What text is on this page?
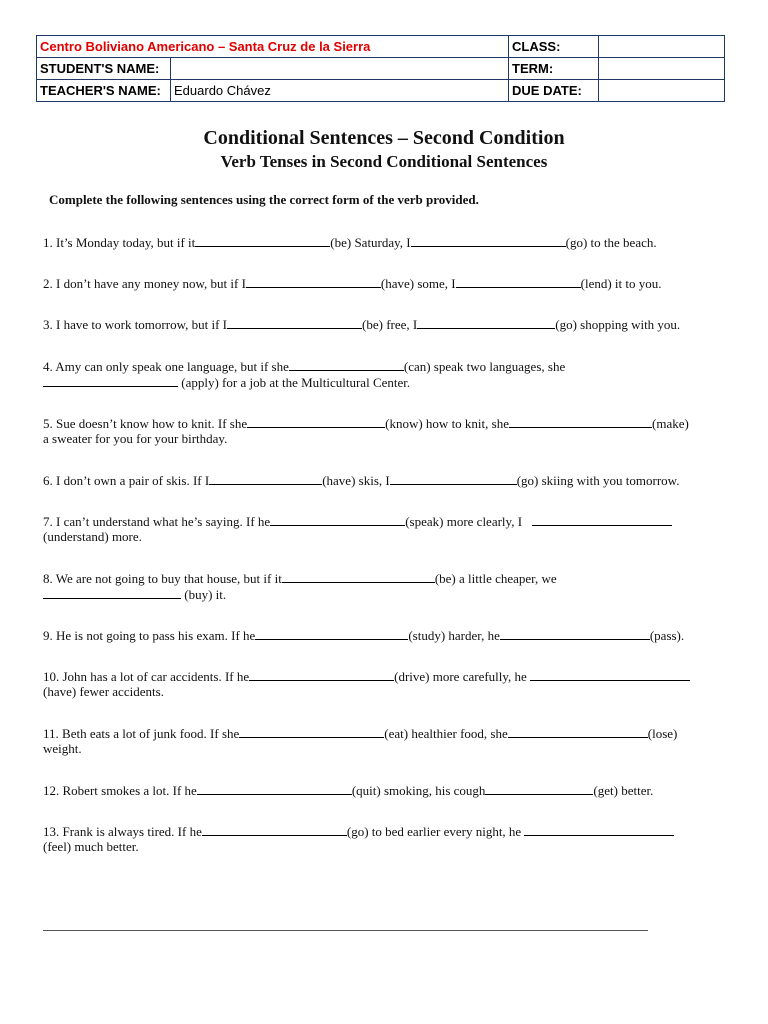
Centro Boliviano Americano – Santa Cruz de la Sierra		CLASS:	
STUDENT'S NAME:		TERM:	
TEACHER'S NAME:	Eduardo Chávez	DUE DATE:	
Conditional Sentences – Second Condition
Verb Tenses in Second Conditional Sentences

Complete the following sentences using the correct form of the verb provided.

1. It’s Monday today, but if it	(be) Saturday, I	(go) to the beach.
2. I don’t have any money now, but if I	(have) some, I	(lend) it to you.
3. I have to work tomorrow, but if I	(be) free, I	(go) shopping with you.
4. Amy can only speak one language, but if she	(can) speak two languages, she
(apply) for a job at the Multicultural Center.
5. Sue doesn’t know how to knit. If she	(know) how to knit, she	(make)
a sweater for you for your birthday.
6. I don’t own a pair of skis. If I	(have) skis, I	(go) skiing with you tomorrow.
7. I can’t understand what he’s saying. If he	(speak) more clearly, I
(understand) more.
8. We are not going to buy that house, but if it	(be) a little cheaper, we
(buy) it.
9. He is not going to pass his exam. If he	(study) harder, he	(pass).
10. John has a lot of car accidents. If he	(drive) more carefully, he
(have) fewer accidents.
11. Beth eats a lot of junk food. If she	(eat) healthier food, she	(lose)
weight.
12. Robert smokes a lot. If he	(quit) smoking, his cough	(get) better.
13. Frank is always tired. If he	(go) to bed earlier every night, he
(feel) much better.
